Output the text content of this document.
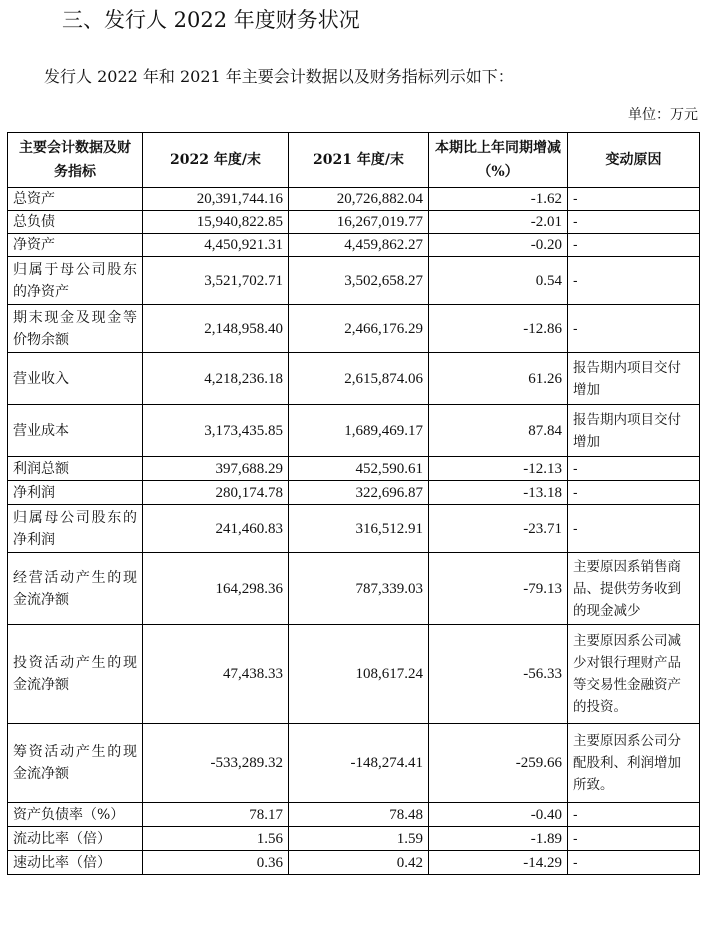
三、发行人 2022 年度财务状况
发行人 2022 年和 2021 年主要会计数据以及财务指标列示如下：
单位：万元
主要会计数据及财务指标	2022 年度/末	2021 年度/末	本期比上年同期增减（%）	变动原因
总资产	20,391,744.16	20,726,882.04	-1.62	-
总负债	15,940,822.85	16,267,019.77	-2.01	-
净资产	4,450,921.31	4,459,862.27	-0.20	-
归属于母公司股东的净资产	3,521,702.71	3,502,658.27	0.54	-
期末现金及现金等价物余额	2,148,958.40	2,466,176.29	-12.86	-
营业收入	4,218,236.18	2,615,874.06	61.26	报告期内项目交付增加
营业成本	3,173,435.85	1,689,469.17	87.84	报告期内项目交付增加
利润总额	397,688.29	452,590.61	-12.13	-
净利润	280,174.78	322,696.87	-13.18	-
归属母公司股东的净利润	241,460.83	316,512.91	-23.71	-
经营活动产生的现金流净额	164,298.36	787,339.03	-79.13	主要原因系销售商品、提供劳务收到的现金减少
投资活动产生的现金流净额	47,438.33	108,617.24	-56.33	主要原因系公司减少对银行理财产品等交易性金融资产的投资。
筹资活动产生的现金流净额	-533,289.32	-148,274.41	-259.66	主要原因系公司分配股利、利润增加所致。
资产负债率（%）	78.17	78.48	-0.40	-
流动比率（倍）	1.56	1.59	-1.89	-
速动比率（倍）	0.36	0.42	-14.29	-
